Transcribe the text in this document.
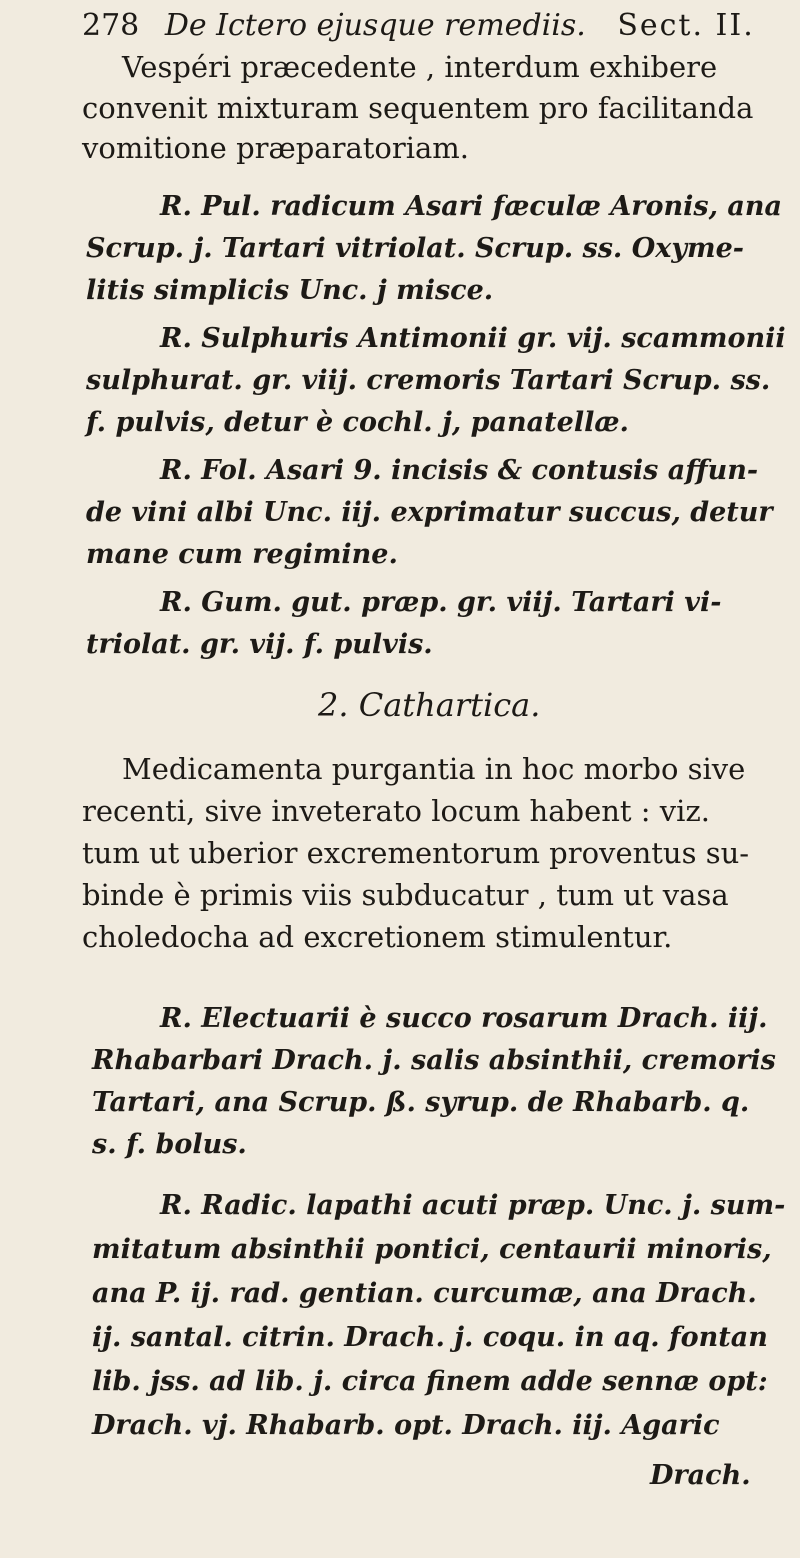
278 De Ictero ejusque remediis. Sect. II.
Vespéri præcedente , interdum exhibere
convenit mixturam sequentem pro facilitanda
vomitione præparatoriam.
R. Pul. radicum Asari fæculæ Aronis, ana
Scrup. j. Tartari vitriolat. Scrup. ss. Oxyme-
litis simplicis Unc. j misce.
R. Sulphuris Antimonii gr. vij. scammonii
sulphurat. gr. viij. cremoris Tartari Scrup. ss.
f. pulvis, detur è cochl. j, panatellæ.
R. Fol. Asari 9. incisis & contusis affun-
de vini albi Unc. iij. exprimatur succus, detur
mane cum regimine.
R. Gum. gut. præp. gr. viij. Tartari vi-
triolat. gr. vij. f. pulvis.
2. Cathartica.
Medicamenta purgantia in hoc morbo sive
recenti, sive inveterato locum habent : viz.
tum ut uberior excrementorum proventus su-
binde è primis viis subducatur , tum ut vasa
choledocha ad excretionem stimulentur.
R. Electuarii è succo rosarum Drach. iij.
Rhabarbari Drach. j. salis absinthii, cremoris
Tartari, ana Scrup. ß. syrup. de Rhabarb. q.
s. f. bolus.
R. Radic. lapathi acuti præp. Unc. j. sum-
mitatum absinthii pontici, centaurii minoris,
ana P. ij. rad. gentian. curcumæ, ana Drach.
ij. santal. citrin. Drach. j. coqu. in aq. fontan
lib. jss. ad lib. j. circa finem adde sennæ opt:
Drach. vj. Rhabarb. opt. Drach. iij. Agaric
Drach.
